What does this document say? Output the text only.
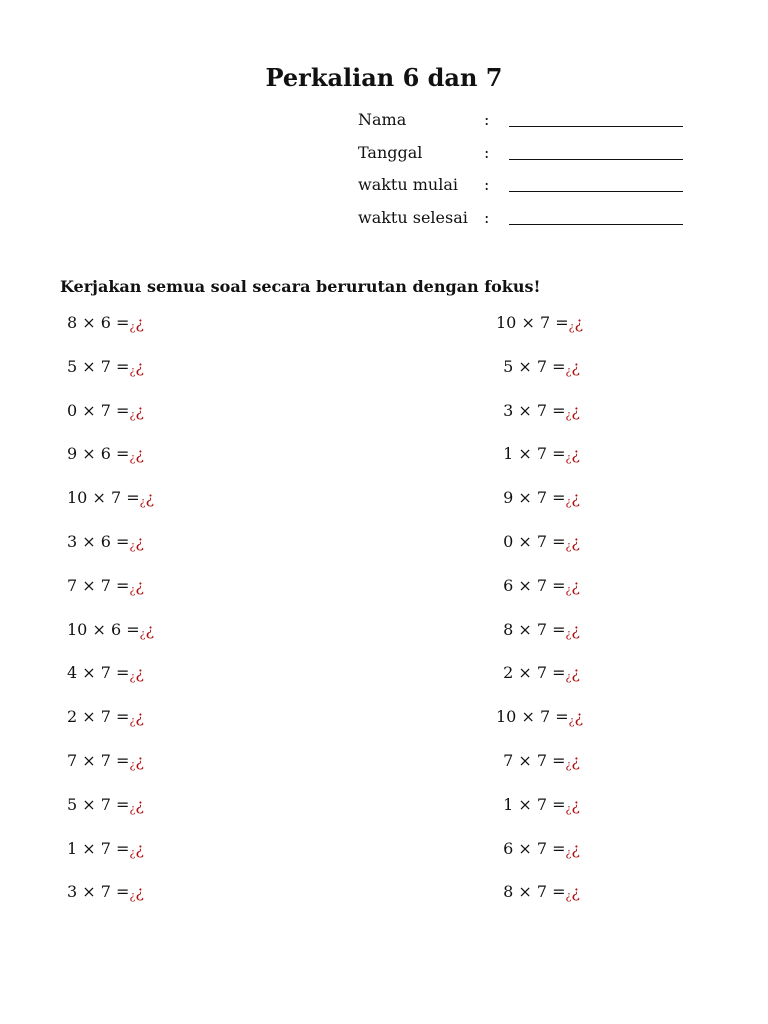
Perkalian 6 dan 7
Nama	:
Tanggal	:
waktu mulai :
waktu selesai :
Kerjakan semua soal secara berurutan dengan fokus!
8 × 6 =¿¿
5 × 7 =¿¿
0 × 7 =¿¿
9 × 6 =¿¿
10 × 7 =¿¿
3 × 6 =¿¿
7 × 7 =¿¿
10 × 6 =¿¿
4 × 7 =¿¿
2 × 7 =¿¿
7 × 7 =¿¿
5 × 7 =¿¿
1 × 7 =¿¿
3 × 7 =¿¿
10 × 7 =¿¿
5 × 7 =¿¿
3 × 7 =¿¿
1 × 7 =¿¿
9 × 7 =¿¿
0 × 7 =¿¿
6 × 7 =¿¿
8 × 7 =¿¿
2 × 7 =¿¿
10 × 7 =¿¿
7 × 7 =¿¿
1 × 7 =¿¿
6 × 7 =¿¿
8 × 7 =¿¿
